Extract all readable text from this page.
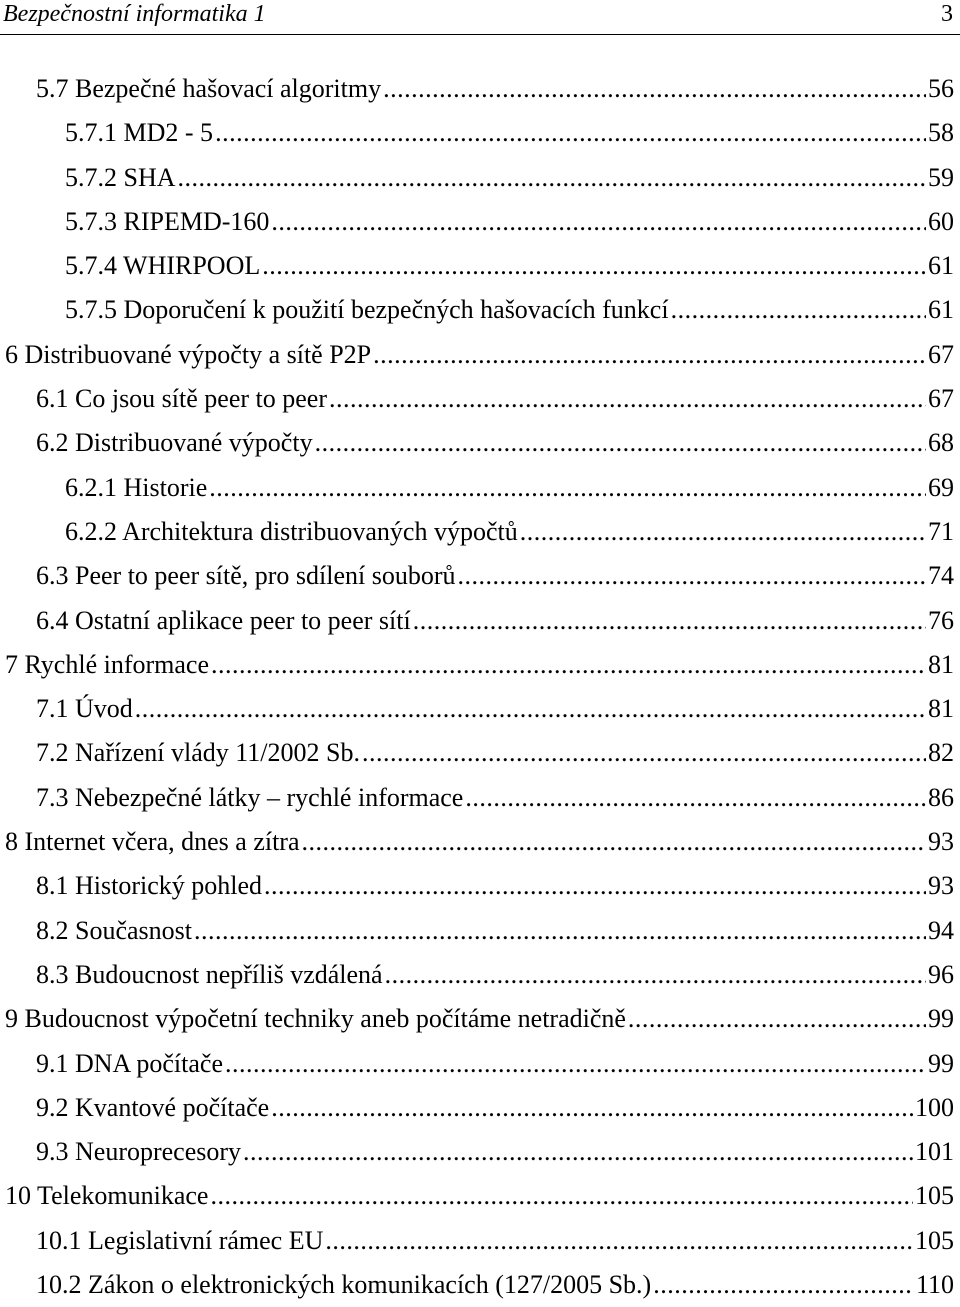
Bezpečnostní informatika 1	3
5.7 Bezpečné hašovací algoritmy .....	56
5.7.1 MD2 - 5 .....	58
5.7.2 SHA .....	59
5.7.3 RIPEMD-160 .....	60
5.7.4 WHIRPOOL .....	61
5.7.5 Doporučení k použití bezpečných hašovacích funkcí .....	61
6 Distribuované výpočty a sítě P2P .....	67
6.1 Co jsou sítě peer to peer .....	67
6.2 Distribuované výpočty .....	68
6.2.1 Historie .....	69
6.2.2 Architektura distribuovaných výpočtů .....	71
6.3 Peer to peer sítě, pro sdílení souborů .....	74
6.4 Ostatní aplikace peer to peer sítí .....	76
7 Rychlé informace .....	81
7.1 Úvod .....	81
7.2 Nařízení vlády 11/2002 Sb. .....	82
7.3 Nebezpečné látky – rychlé informace .....	86
8 Internet včera, dnes a zítra .....	93
8.1 Historický pohled .....	93
8.2 Současnost .....	94
8.3 Budoucnost nepříliš vzdálená .....	96
9 Budoucnost výpočetní techniky aneb počítáme netradičně .....	99
9.1 DNA počítače .....	99
9.2 Kvantové počítače .....	100
9.3 Neuroprecesory .....	101
10 Telekomunikace .....	105
10.1 Legislativní rámec EU .....	105
10.2 Zákon o elektronických komunikacích (127/2005 Sb.) .....	110
